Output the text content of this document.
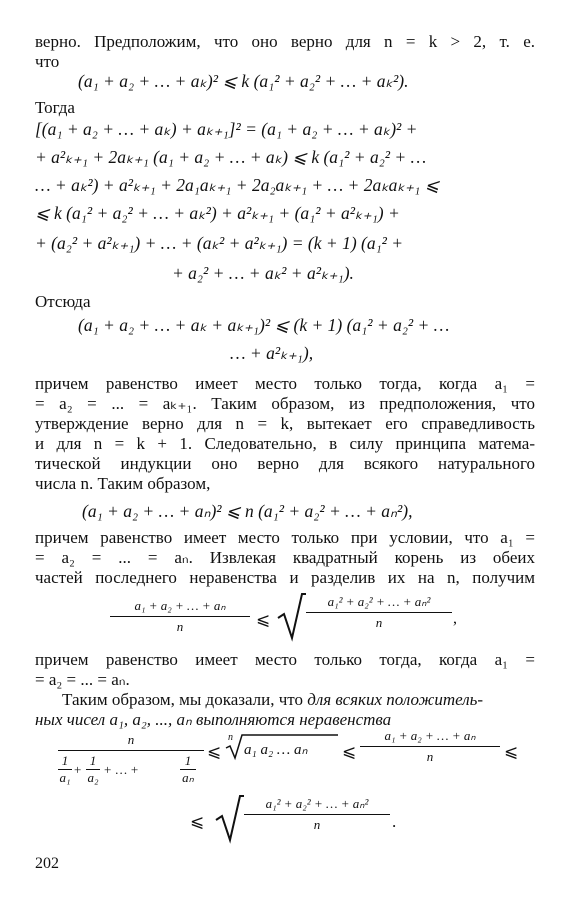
верно. Предположим, что оно верно для n = k > 2, т. е.
что
(a₁ + a₂ + … + aₖ)² ⩽ k (a₁² + a₂² + … + aₖ²).
Тогда
[(a₁ + a₂ + … + aₖ) + aₖ₊₁]² = (a₁ + a₂ + … + aₖ)² +
+ a²ₖ₊₁ + 2aₖ₊₁ (a₁ + a₂ + … + aₖ) ⩽ k (a₁² + a₂² + …
… + aₖ²) + a²ₖ₊₁ + 2a₁aₖ₊₁ + 2a₂aₖ₊₁ + … + 2aₖaₖ₊₁ ⩽
⩽ k (a₁² + a₂² + … + aₖ²) + a²ₖ₊₁ + (a₁² + a²ₖ₊₁) +
+ (a₂² + a²ₖ₊₁) + … + (aₖ² + a²ₖ₊₁) = (k + 1) (a₁² +
+ a₂² + … + aₖ² + a²ₖ₊₁).
Отсюда
(a₁ + a₂ + … + aₖ + aₖ₊₁)² ⩽ (k + 1) (a₁² + a₂² + …
… + a²ₖ₊₁),
причем равенство имеет место только тогда, когда a₁ =
= a₂ = ... = aₖ₊₁. Таким образом, из предположения, что
утверждение верно для n = k, вытекает его справедливость
и для n = k + 1. Следовательно, в силу принципа матема-
тической индукции оно верно для всякого натурального
числа n. Таким образом,
(a₁ + a₂ + … + aₙ)² ⩽ n (a₁² + a₂² + … + aₙ²),
причем равенство имеет место только при условии, что a₁ =
= a₂ = ... = aₙ. Извлекая квадратный корень из обеих
частей последнего неравенства и разделив их на n, получим
a₁ + a₂ + … + aₙ
n	⩽
a₁² + a₂² + … + aₙ²
n	,
причем равенство имеет место только тогда, когда a₁ =
= a₂ = ... = aₙ.
Таким образом, мы доказали, что для всяких положитель-
ных чисел a₁, a₂, ..., aₙ выполняются неравенства
n
1
a₁
+
1
a₂
+ … +
1
aₙ
⩽
n
a₁ a₂ … aₙ ⩽
a₁ + a₂ + … + aₙ
n	⩽
⩽
a₁² + a₂² + … + aₙ²
n	.
202
